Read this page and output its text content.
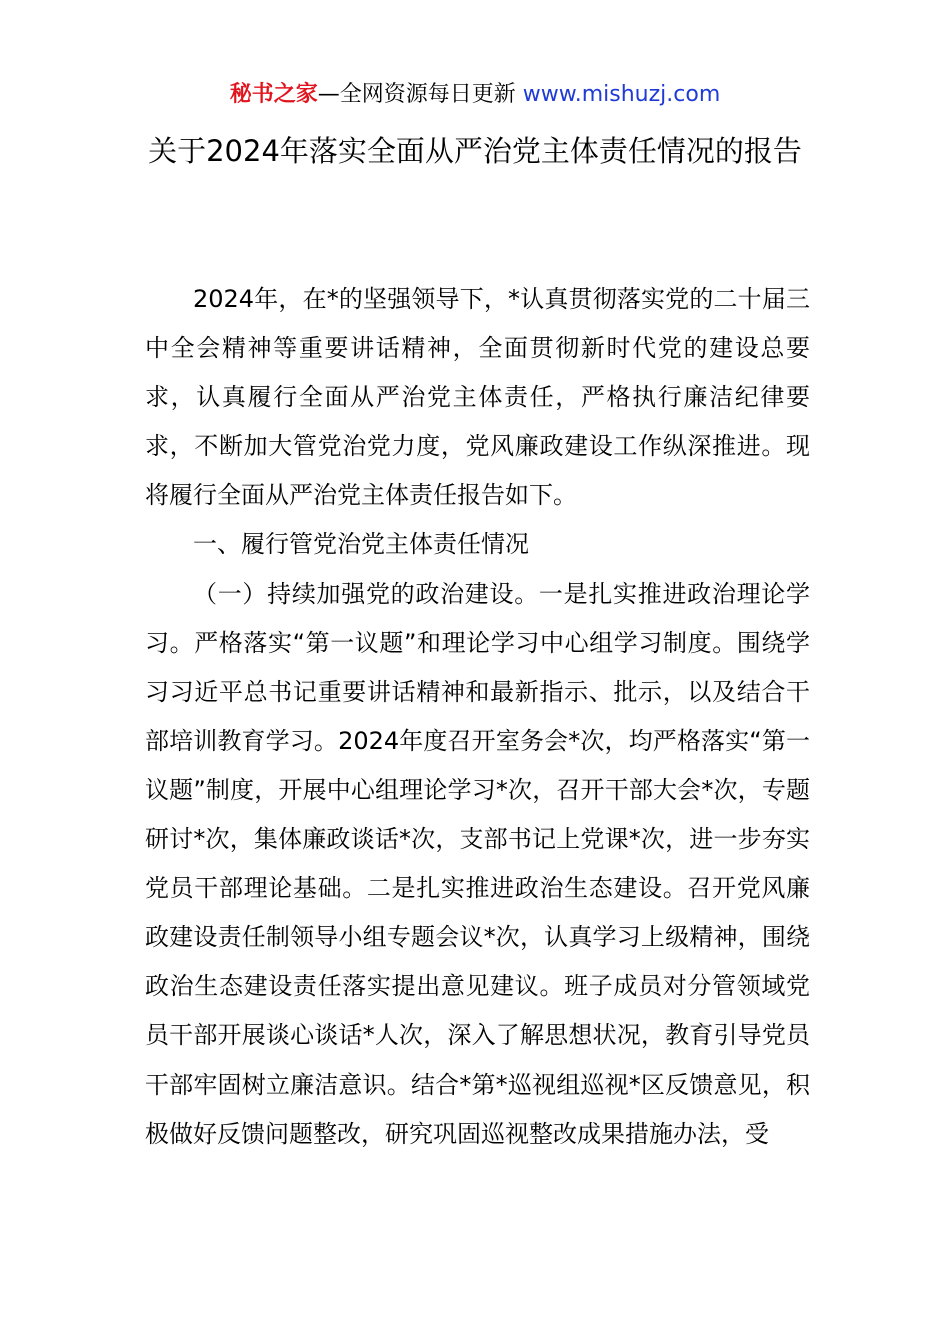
秘书之家—全网资源每日更新 www.mishuzj.com
关于2024年落实全面从严治党主体责任情况的报告

2024年，在*的坚强领导下，*认真贯彻落实党的二十届三中全会精神等重要讲话精神，全面贯彻新时代党的建设总要求，认真履行全面从严治党主体责任，严格执行廉洁纪律要求，不断加大管党治党力度，党风廉政建设工作纵深推进。现将履行全面从严治党主体责任报告如下。

一、履行管党治党主体责任情况

（一）持续加强党的政治建设。一是扎实推进政治理论学习。严格落实“第一议题”和理论学习中心组学习制度。围绕学习习近平总书记重要讲话精神和最新指示、批示，以及结合干部培训教育学习。2024年度召开室务会*次，均严格落实“第一议题”制度，开展中心组理论学习*次，召开干部大会*次，专题研讨*次，集体廉政谈话*次，支部书记上党课*次，进一步夯实党员干部理论基础。二是扎实推进政治生态建设。召开党风廉政建设责任制领导小组专题会议*次，认真学习上级精神，围绕政治生态建设责任落实提出意见建议。班子成员对分管领域党员干部开展谈心谈话*人次，深入了解思想状况，教育引导党员干部牢固树立廉洁意识。结合*第*巡视组巡视*区反馈意见，积极做好反馈问题整改，研究巩固巡视整改成果措施办法，受
